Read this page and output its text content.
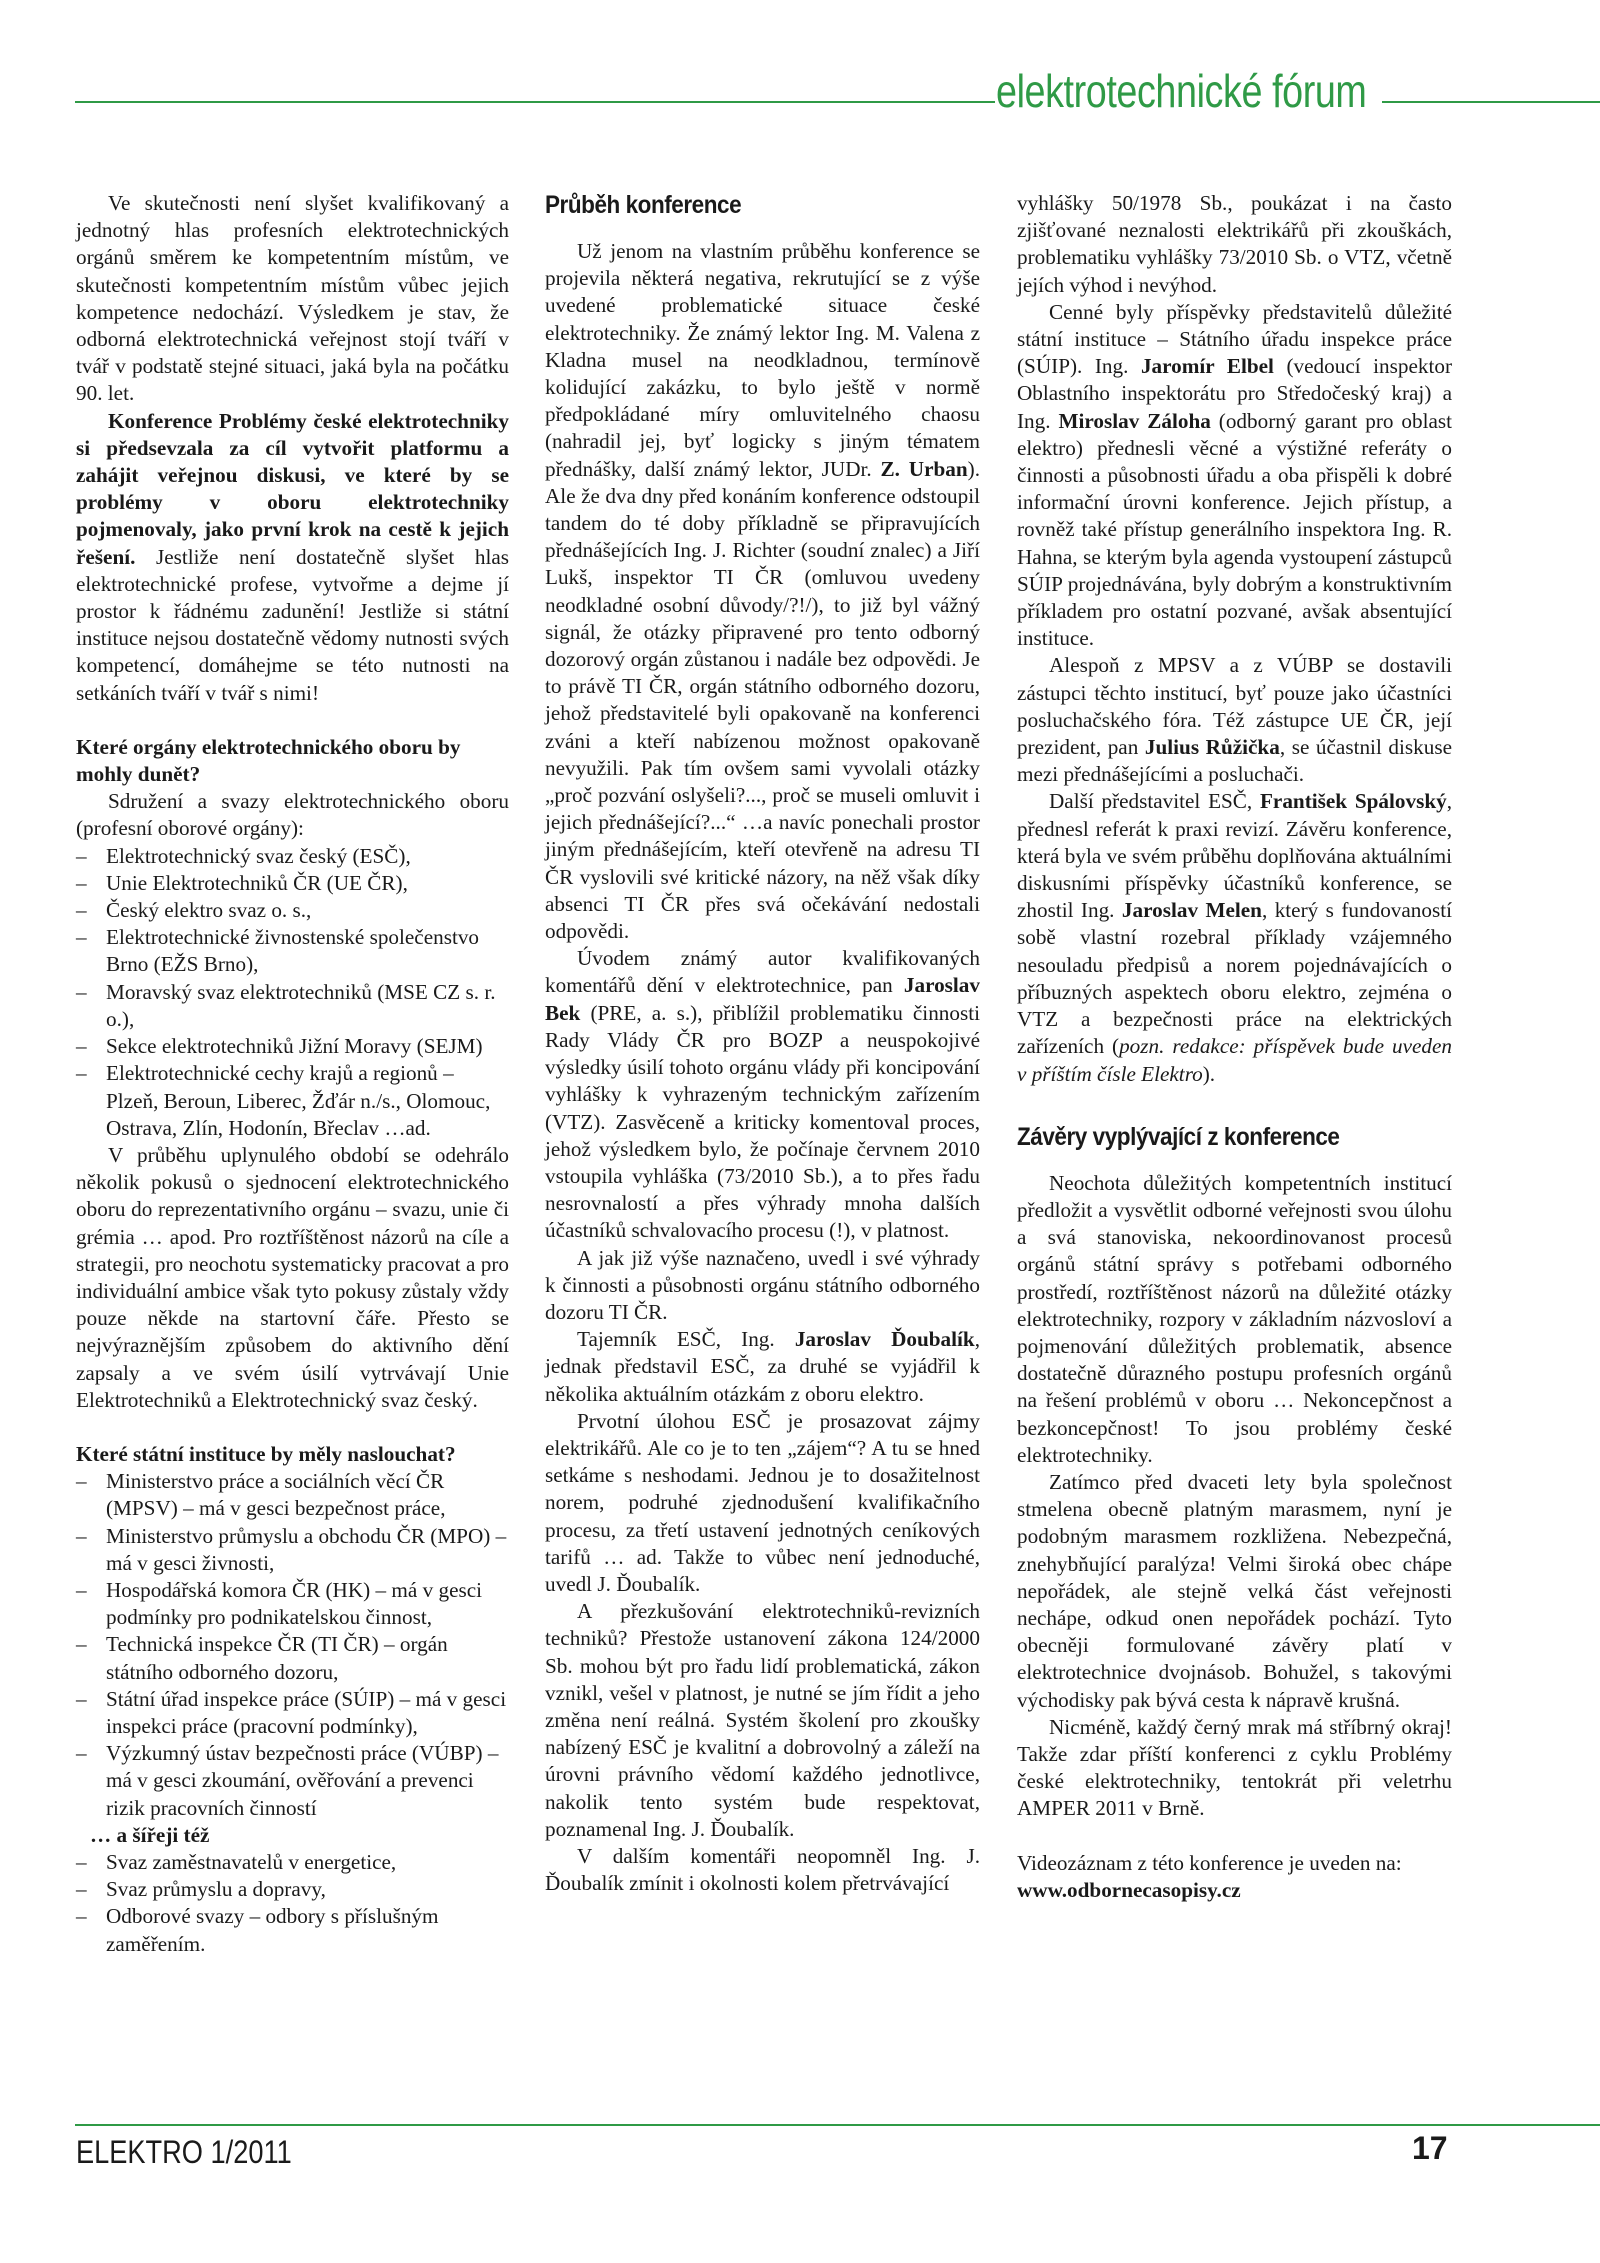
elektrotechnické fórum

Ve skutečnosti není slyšet kvalifikovaný a jednotný hlas profesních elektrotechnických orgánů směrem ke kompetentním místům, ve skutečnosti kompetentním místům vůbec jejich kompetence nedochází. Výsledkem je stav, že odborná elektrotechnická veřejnost stojí tváří v tvář v podstatě stejné situaci, jaká byla na počátku 90. let.

Konference Problémy české elektrotechniky si předsevzala za cíl vytvořit platformu a zahájit veřejnou diskusi, ve které by se problémy v oboru elektrotechniky pojmenovaly, jako první krok na cestě k jejich řešení. Jestliže není dostatečně slyšet hlas elektrotechnické profese, vytvořme a dejme jí prostor k řádnému zadunění! Jestliže si státní instituce nejsou dostatečně vědomy nutnosti svých kompetencí, domáhejme se této nutnosti na setkáních tváří v tvář s nimi!

Které orgány elektrotechnického oboru by mohly dunět?

Sdružení a svazy elektrotechnického oboru (profesní oborové orgány):

– Elektrotechnický svaz český (ESČ),
– Unie Elektrotechniků ČR (UE ČR),
– Český elektro svaz o. s.,
– Elektrotechnické živnostenské společenstvo Brno (EŽS Brno),
– Moravský svaz elektrotechniků (MSE CZ s. r. o.),
– Sekce elektrotechniků Jižní Moravy (SEJM)
– Elektrotechnické cechy krajů a regionů – Plzeň, Beroun, Liberec, Žďár n./s., Olomouc, Ostrava, Zlín, Hodonín, Břeclav …ad.

V průběhu uplynulého období se odehrálo několik pokusů o sjednocení elektrotechnického oboru do reprezentativního orgánu – svazu, unie či grémia … apod. Pro roztříštěnost názorů na cíle a strategii, pro neochotu systematicky pracovat a pro individuální ambice však tyto pokusy zůstaly vždy pouze někde na startovní čáře. Přesto se nejvýraznějším způsobem do aktivního dění zapsaly a ve svém úsilí vytrvávají Unie Elektrotechniků a Elektrotechnický svaz český.

Které státní instituce by měly naslouchat?
– Ministerstvo práce a sociálních věcí ČR (MPSV) – má v gesci bezpečnost práce,
– Ministerstvo průmyslu a obchodu ČR (MPO) – má v gesci živnosti,
– Hospodářská komora ČR (HK) – má v gesci podmínky pro podnikatelskou činnost,
– Technická inspekce ČR (TI ČR) – orgán státního odborného dozoru,
– Státní úřad inspekce práce (SÚIP) – má v gesci inspekci práce (pracovní podmínky),
– Výzkumný ústav bezpečnosti práce (VÚBP) – má v gesci zkoumání, ověřování a prevenci rizik pracovních činností
… a šířeji též
– Svaz zaměstnavatelů v energetice,
– Svaz průmyslu a dopravy,
– Odborové svazy – odbory s příslušným zaměřením.
Průběh konference

Už jenom na vlastním průběhu konference se projevila některá negativa, rekrutující se z výše uvedené problematické situace české elektrotechniky. Že známý lektor Ing. M. Valena z Kladna musel na neodkladnou, termínově kolidující zakázku, to bylo ještě v normě předpokládané míry omluvitelného chaosu (nahradil jej, byť logicky s jiným tématem přednášky, další známý lektor, JUDr. Z. Urban). Ale že dva dny před konáním konference odstoupil tandem do té doby příkladně se připravujících přednášejících Ing. J. Richter (soudní znalec) a Jiří Lukš, inspektor TI ČR (omluvou uvedeny neodkladné osobní důvody/?!/), to již byl vážný signál, že otázky připravené pro tento odborný dozorový orgán zůstanou i nadále bez odpovědi. Je to právě TI ČR, orgán státního odborného dozoru, jehož představitelé byli opakovaně na konferenci zváni a kteří nabízenou možnost opakovaně nevyužili. Pak tím ovšem sami vyvolali otázky „proč pozvání oslyšeli?..., proč se museli omluvit i jejich přednášející?...“ …a navíc ponechali prostor jiným přednášejícím, kteří otevřeně na adresu TI ČR vyslovili své kritické názory, na něž však díky absenci TI ČR přes svá očekávání nedostali odpovědi.

Úvodem známý autor kvalifikovaných komentářů dění v elektrotechnice, pan Jaroslav Bek (PRE, a. s.), přiblížil problematiku činnosti Rady Vlády ČR pro BOZP a neuspokojivé výsledky úsilí tohoto orgánu vlády při koncipování vyhlášky k vyhrazeným technickým zařízením (VTZ). Zasvěceně a kriticky komentoval proces, jehož výsledkem bylo, že počínaje červnem 2010 vstoupila vyhláška (73/2010 Sb.), a to přes řadu nesrovnalostí a přes výhrady mnoha dalších účastníků schvalovacího procesu (!), v platnost.

A jak již výše naznačeno, uvedl i své výhrady k činnosti a působnosti orgánu státního odborného dozoru TI ČR.

Tajemník ESČ, Ing. Jaroslav Ďoubalík, jednak představil ESČ, za druhé se vyjádřil k několika aktuálním otázkám z oboru elektro.

Prvotní úlohou ESČ je prosazovat zájmy elektrikářů. Ale co je to ten „zájem“? A tu se hned setkáme s neshodami. Jednou je to dosažitelnost norem, podruhé zjednodušení kvalifikačního procesu, za třetí ustavení jednotných ceníkových tarifů … ad. Takže to vůbec není jednoduché, uvedl J. Ďoubalík.

A přezkušování elektrotechniků-revizních techniků? Přestože ustanovení zákona 124/2000 Sb. mohou být pro řadu lidí problematická, zákon vznikl, vešel v platnost, je nutné se jím řídit a jeho změna není reálná. Systém školení pro zkoušky nabízený ESČ je kvalitní a dobrovolný a záleží na úrovni právního vědomí každého jednotlivce, nakolik tento systém bude respektovat, poznamenal Ing. J. Ďoubalík.

V dalším komentáři neopomněl Ing. J. Ďoubalík zmínit i okolnosti kolem přetrvávající

vyhlášky 50/1978 Sb., poukázat i na často zjišťované neznalosti elektrikářů při zkouškách, problematiku vyhlášky 73/2010 Sb. o VTZ, včetně jejích výhod i nevýhod.

Cenné byly příspěvky představitelů důležité státní instituce – Státního úřadu inspekce práce (SÚIP). Ing. Jaromír Elbel (vedoucí inspektor Oblastního inspektorátu pro Středočeský kraj) a Ing. Miroslav Záloha (odborný garant pro oblast elektro) přednesli věcné a výstižné referáty o činnosti a působnosti úřadu a oba přispěli k dobré informační úrovni konference. Jejich přístup, a rovněž také přístup generálního inspektora Ing. R. Hahna, se kterým byla agenda vystoupení zástupců SÚIP projednávána, byly dobrým a konstruktivním příkladem pro ostatní pozvané, avšak absentující instituce.

Alespoň z MPSV a z VÚBP se dostavili zástupci těchto institucí, byť pouze jako účastníci posluchačského fóra. Též zástupce UE ČR, její prezident, pan Julius Růžička, se účastnil diskuse mezi přednášejícími a posluchači.

Další představitel ESČ, František Spálovský, přednesl referát k praxi revizí. Závěru konference, která byla ve svém průběhu doplňována aktuálními diskusními příspěvky účastníků konference, se zhostil Ing. Jaroslav Melen, který s fundovaností sobě vlastní rozebral příklady vzájemného nesouladu předpisů a norem pojednávajících o příbuzných aspektech oboru elektro, zejména o VTZ a bezpečnosti práce na elektrických zařízeních (pozn. redakce: příspěvek bude uveden v příštím čísle Elektro).

Závěry vyplývající z konference

Neochota důležitých kompetentních institucí předložit a vysvětlit odborné veřejnosti svou úlohu a svá stanoviska, nekoordinovanost procesů orgánů státní správy s potřebami odborného prostředí, roztříštěnost názorů na důležité otázky elektrotechniky, rozpory v základním názvosloví a pojmenování důležitých problematik, absence dostatečně důrazného postupu profesních orgánů na řešení problémů v oboru … Nekoncepčnost a bezkoncepčnost! To jsou problémy české elektrotechniky.

Zatímco před dvaceti lety byla společnost stmelena obecně platným marasmem, nyní je podobným marasmem rozkližena. Nebezpečná, znehybňující paralýza! Velmi široká obec chápe nepořádek, ale stejně velká část veřejnosti nechápe, odkud onen nepořádek pochází. Tyto obecněji formulované závěry platí v elektrotechnice dvojnásob. Bohužel, s takovými východisky pak bývá cesta k nápravě krušná.

Nicméně, každý černý mrak má stříbrný okraj! Takže zdar příští konferenci z cyklu Problémy české elektrotechniky, tentokrát při veletrhu AMPER 2011 v Brně.

Videozáznam z této konference je uveden na:

www.odbornecasopisy.cz

ELEKTRO 1/2011	17
